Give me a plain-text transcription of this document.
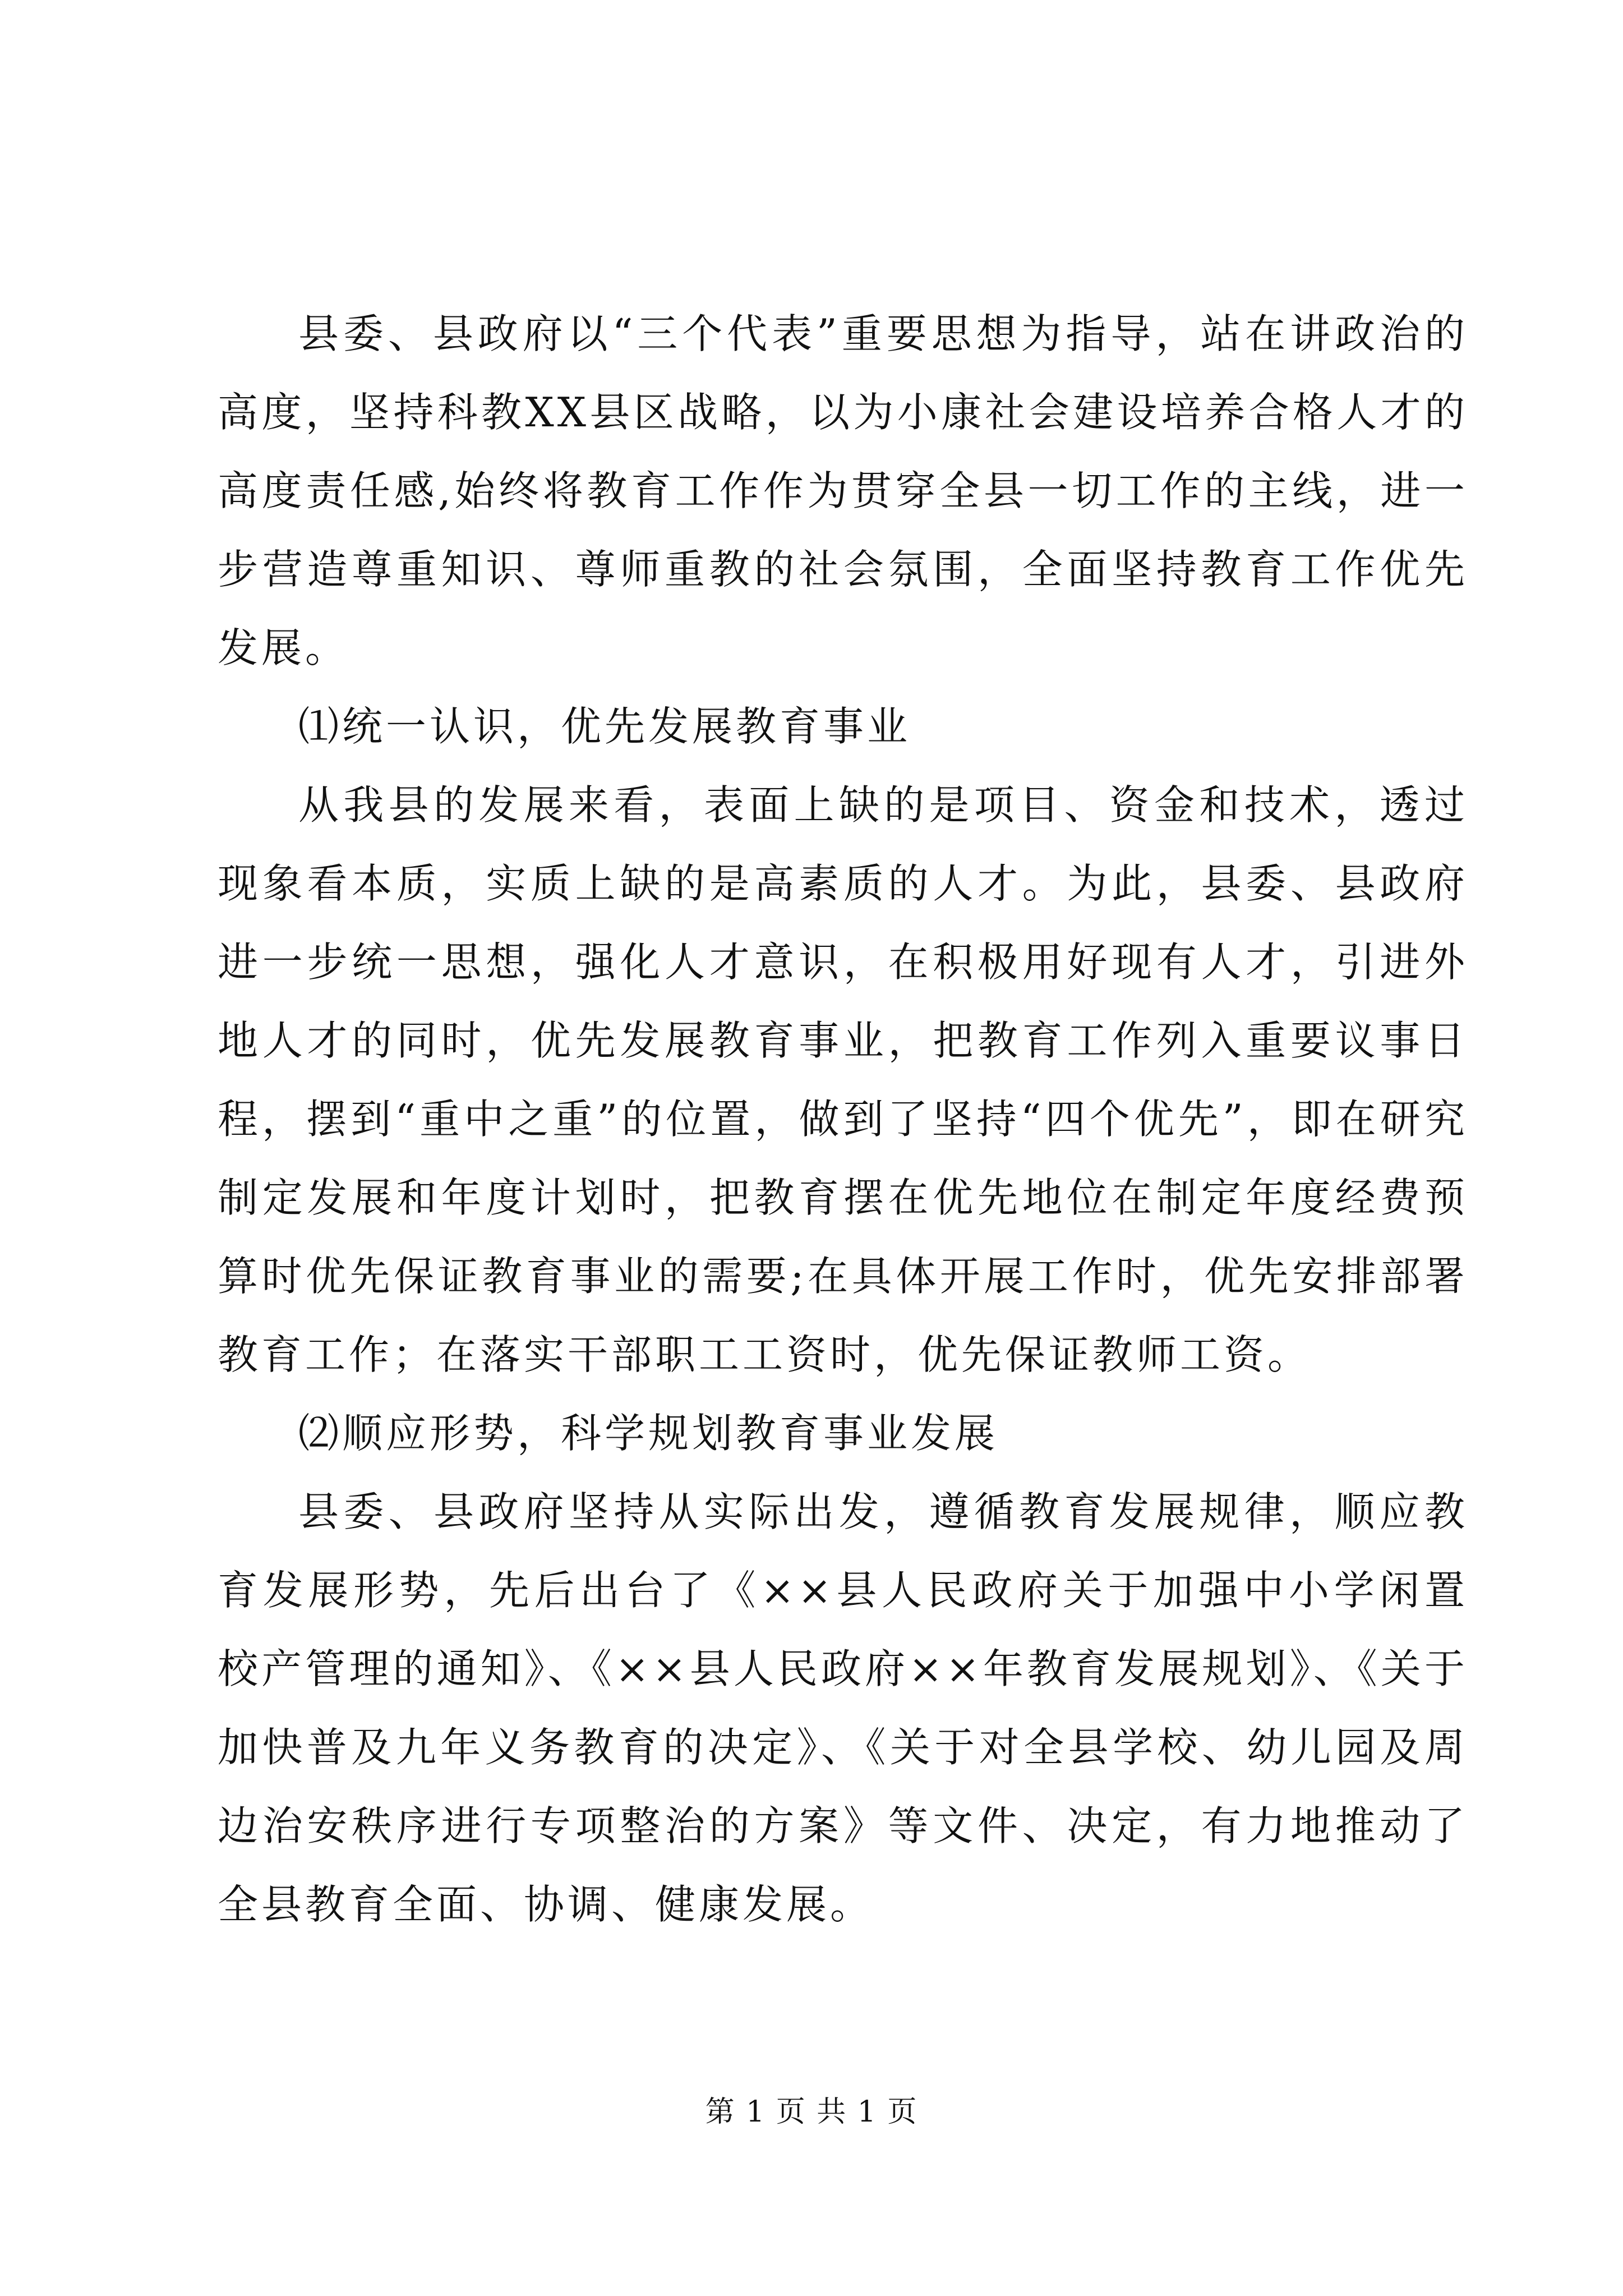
县委、县政府以“三个代表”重要思想为指导，站在讲政治的高度，坚持科教XX县区战略，以为小康社会建设培养合格人才的高度责任感,始终将教育工作作为贯穿全县一切工作的主线，进一步营造尊重知识、尊师重教的社会氛围，全面坚持教育工作优先发展。

⑴统一认识，优先发展教育事业

从我县的发展来看，表面上缺的是项目、资金和技术，透过现象看本质，实质上缺的是高素质的人才。为此，县委、县政府进一步统一思想，强化人才意识，在积极用好现有人才，引进外地人才的同时，优先发展教育事业，把教育工作列入重要议事日程，摆到“重中之重”的位置，做到了坚持“四个优先”，即在研究制定发展和年度计划时，把教育摆在优先地位在制定年度经费预算时优先保证教育事业的需要;在具体开展工作时，优先安排部署教育工作；在落实干部职工工资时，优先保证教师工资。

⑵顺应形势，科学规划教育事业发展

县委、县政府坚持从实际出发，遵循教育发展规律，顺应教育发展形势，先后出台了《××县人民政府关于加强中小学闲置校产管理的通知》、《××县人民政府××年教育发展规划》、《关于加快普及九年义务教育的决定》、《关于对全县学校、幼儿园及周边治安秩序进行专项整治的方案》等文件、决定，有力地推动了全县教育全面、协调、健康发展。

第 1 页 共 1 页
